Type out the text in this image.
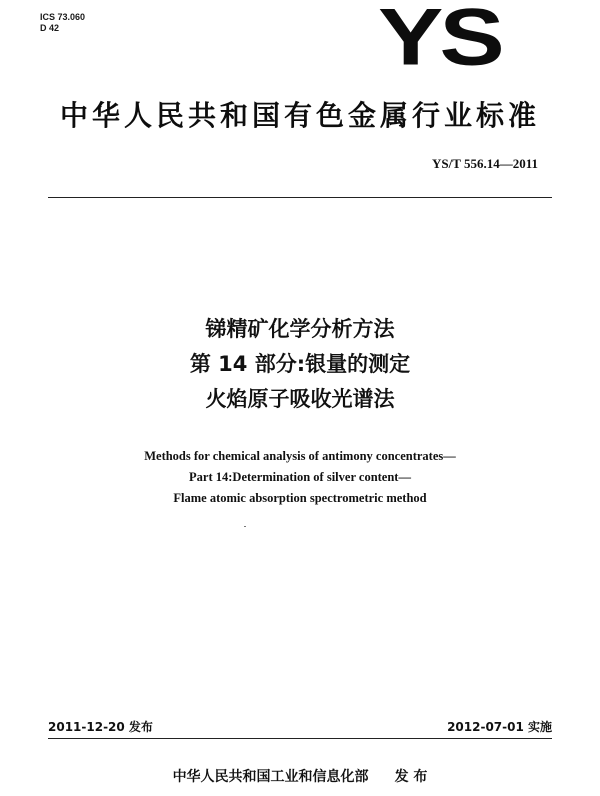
ICS 73.060
D 42	YS
中华人民共和国有色金属行业标准
YS/T 556.14—2011
锑精矿化学分析方法
第 14 部分:银量的测定
火焰原子吸收光谱法
Methods for chemical analysis of antimony concentrates—
Part 14:Determination of silver content—
Flame atomic absorption spectrometric method
2011-12-20 发布	2012-07-01 实施
中华人民共和国工业和信息化部 发 布
